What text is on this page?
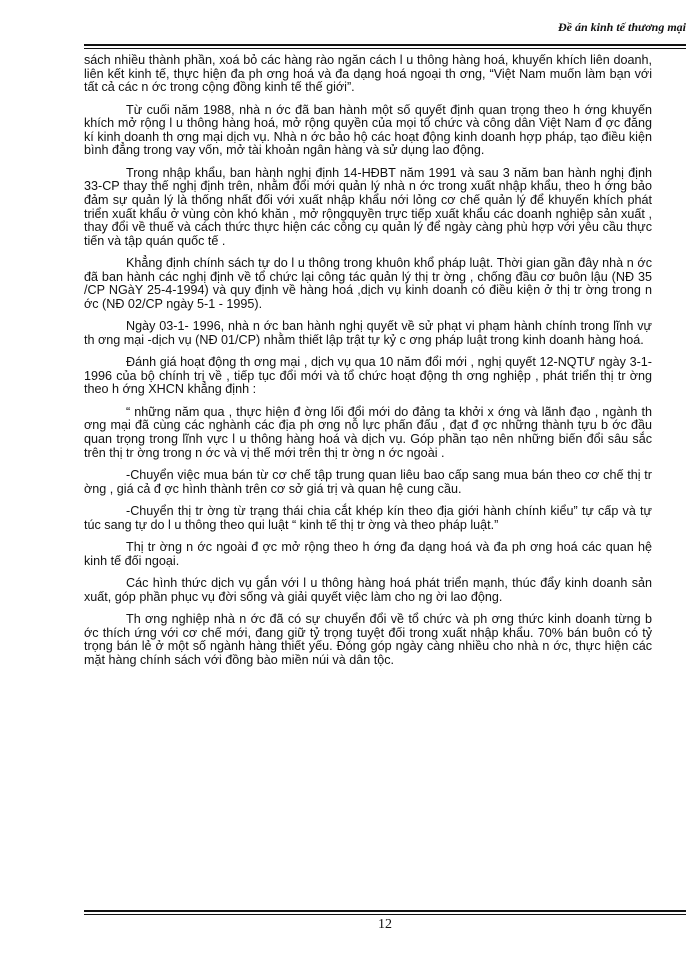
Đề án kinh tế thương mại

sách nhiều thành phần, xoá bỏ các hàng rào ngăn cách l u thông hàng hoá, khuyến khích liên doanh, liên kết kinh tế, thực hiện đa ph ơng hoá và đa dạng hoá ngoại th ơng, “Việt Nam muốn làm bạn với tất cả các n ớc trong cộng đồng kinh tế thế giới”.

Từ cuối năm 1988, nhà n ớc đã ban hành một số quyết định quan trọng theo h ớng khuyến khích mở rộng l u thông hàng hoá, mở rộng quyền của mọi tổ chức và công dân Việt Nam đ ợc đăng kí kinh doanh th ơng mại dịch vụ. Nhà n ớc bảo hộ các hoạt động kinh doanh hợp pháp, tạo điều kiện bình đẳng trong vay vốn, mở tài khoản ngân hàng và sử dụng lao động.

Trong nhập khẩu, ban hành nghị định 14-HĐBT năm 1991 và sau 3 năm ban hành nghị định 33-CP thay thế nghị định trên, nhằm đổi mới quản lý nhà n ớc trong xuất nhập khẩu, theo h ớng bảo đảm sự quản lý là thống nhất đối với xuất nhập khẩu nới lỏng cơ chế quản lý để khuyến khích phát triển xuất khẩu ở vùng còn khó khăn , mở rộngquyền trực tiếp xuất khẩu các doanh nghiệp sản xuất , thay đổi về thuế và cách thức thực hiện các công cụ quản lý để ngày càng phù hợp với yêu cầu thực tiến và tập quán quốc tế .

Khẳng định chính sách tự do l u thông trong khuôn khổ pháp luật. Thời gian gần đây nhà n ớc đã ban hành các nghị định về tổ chức lại công tác quản lý thị tr ờng , chống đầu cơ buôn lậu (NĐ 35 /CP NGàY 25-4-1994) và quy định về hàng hoá ,dịch vụ kinh doanh có điều kiện ở thị tr ờng trong n ớc (NĐ 02/CP ngày 5-1 - 1995).

Ngày 03-1- 1996, nhà n ớc ban hành nghị quyết về sử phạt vi phạm hành chính trong lĩnh vự th ơng mại -dịch vụ (NĐ 01/CP) nhằm thiết lập trật tự kỷ c ơng pháp luật trong kinh doanh hàng hoá.

Đánh giá hoạt động th ơng mại , dịch vụ qua 10 năm đổi mới , nghị quyết 12-NQTƯ ngày 3-1-1996 của bộ chính trị về , tiếp tục đổi mới và tổ chức hoạt động th ơng nghiệp , phát triển thị tr ờng theo h ớng XHCN khẳng định :

“ những năm qua , thực hiện đ ờng lối đổi mới do đảng ta khởi x ớng và lãnh đạo , ngành th ơng mại đã cùng các nghành các địa ph ơng nỗ lực phấn đấu , đạt đ ợc những thành tựu b ớc đầu quan trọng trong lĩnh vực l u thông hàng hoá và dịch vụ. Góp phần tạo nên những biến đổi sâu sắc trên thị tr ờng trong n ớc và vị thế mới trên thị tr ờng n ớc ngoài .

-Chuyển việc mua bán từ cơ chế tập trung quan liêu bao cấp sang mua bán theo cơ chế thị tr ờng , giá cả đ ợc hình thành trên cơ sở giá trị và quan hệ cung cầu.

-Chuyển thị tr ờng từ trạng thái chia cắt khép kín theo địa giới hành chính kiểu” tự cấp và tự túc sang tự do l u thông theo qui luật “ kinh tế thị tr ờng và theo pháp luật.”

Thị tr ờng n ớc ngoài đ ợc mở rộng theo h ớng đa dạng hoá và đa ph ơng hoá các quan hệ kinh tế đối ngoại.

Các hình thức dịch vụ gắn với l u thông hàng hoá phát triển mạnh, thúc đẩy kinh doanh sản xuất, góp phần phục vụ đời sống và giải quyết việc làm cho ng ời lao động.

Th ơng nghiệp nhà n ớc đã có sự chuyển đổi về tổ chức và ph ơng thức kinh doanh từng b ớc thích ứng với cơ chế mới, đang giữ tỷ trọng tuyệt đối trong xuất nhập khẩu. 70% bán buôn có tỷ trọng bán lẻ ở một số ngành hàng thiết yếu. Đóng góp ngày càng nhiều cho nhà n ớc, thực hiện các mặt hàng chính sách với đồng bào miền núi và dân tộc.

12
